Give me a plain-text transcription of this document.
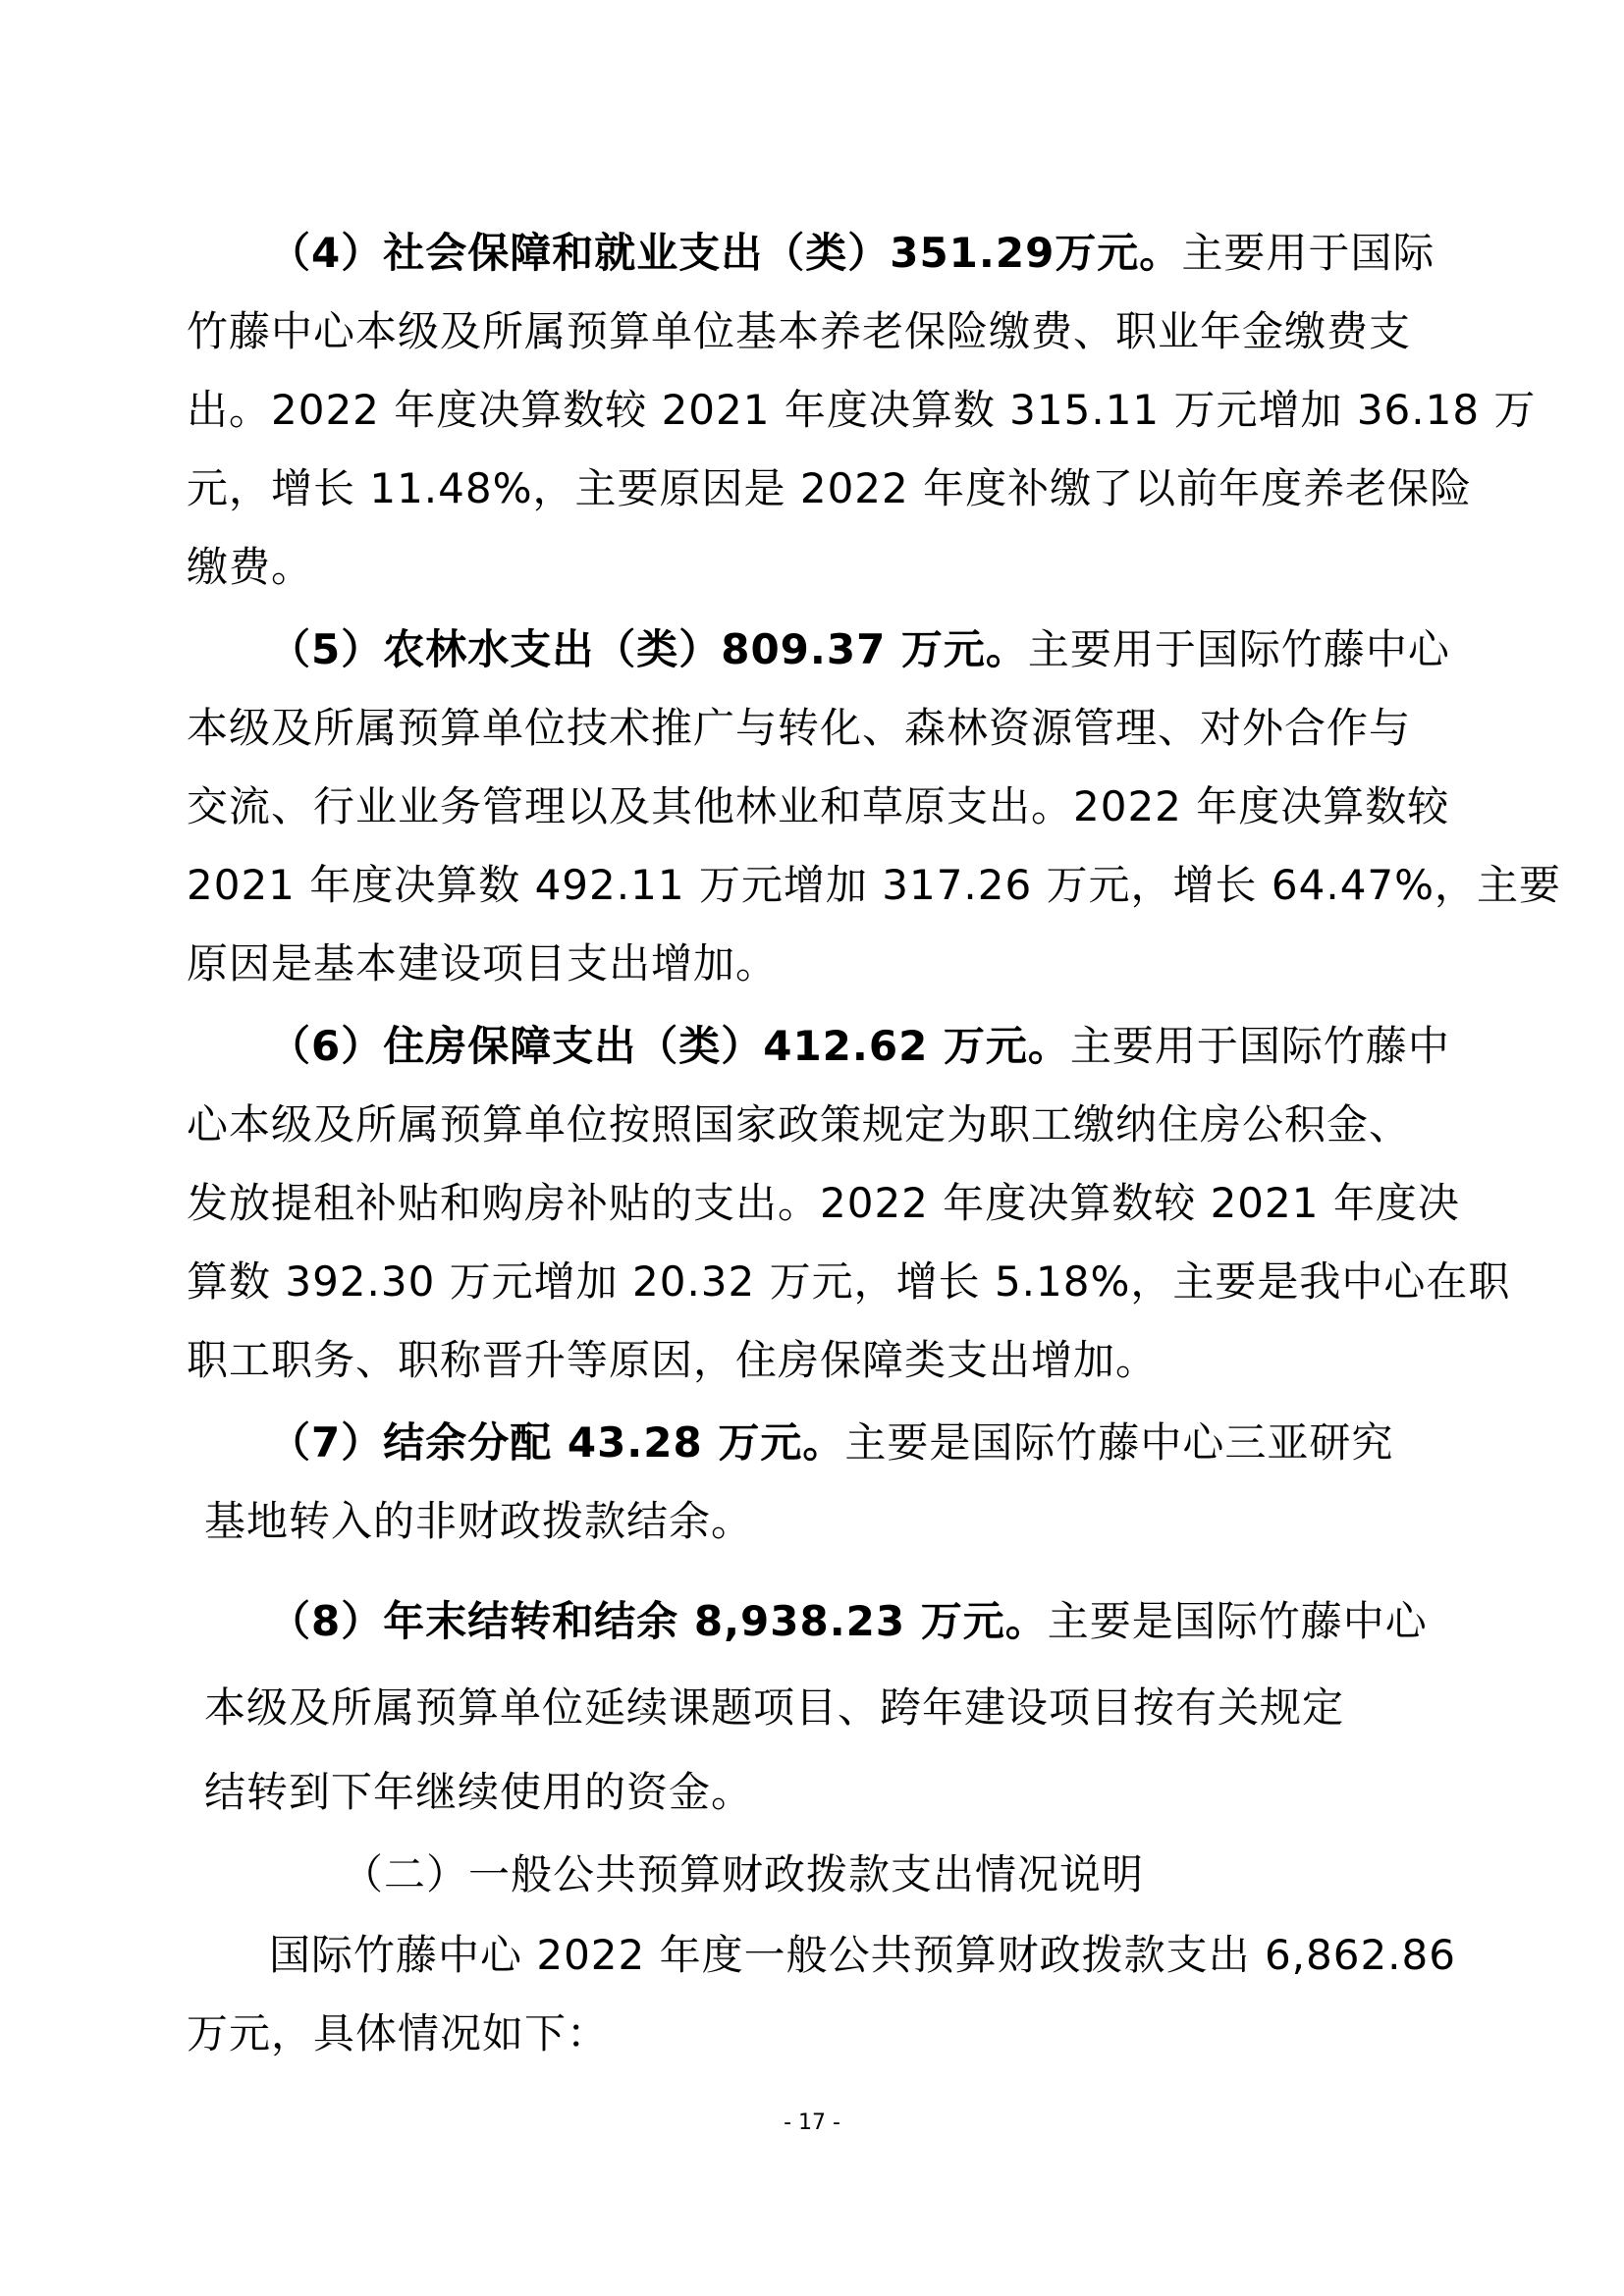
（4）社会保障和就业支出（类）351.29万元。主要用于国际
竹藤中心本级及所属预算单位基本养老保险缴费、职业年金缴费支
出。2022 年度决算数较 2021 年度决算数 315.11 万元增加 36.18 万
元，增长 11.48%，主要原因是 2022 年度补缴了以前年度养老保险
缴费。
（5）农林水支出（类）809.37 万元。主要用于国际竹藤中心
本级及所属预算单位技术推广与转化、森林资源管理、对外合作与
交流、行业业务管理以及其他林业和草原支出。2022 年度决算数较
2021 年度决算数 492.11 万元增加 317.26 万元，增长 64.47%，主要
原因是基本建设项目支出增加。
（6）住房保障支出（类）412.62 万元。主要用于国际竹藤中
心本级及所属预算单位按照国家政策规定为职工缴纳住房公积金、
发放提租补贴和购房补贴的支出。2022 年度决算数较 2021 年度决
算数 392.30 万元增加 20.32 万元，增长 5.18%，主要是我中心在职
职工职务、职称晋升等原因，住房保障类支出增加。
（7）结余分配 43.28 万元。主要是国际竹藤中心三亚研究
基地转入的非财政拨款结余。
（8）年末结转和结余 8,938.23 万元。主要是国际竹藤中心
本级及所属预算单位延续课题项目、跨年建设项目按有关规定
结转到下年继续使用的资金。
（二）一般公共预算财政拨款支出情况说明
国际竹藤中心 2022 年度一般公共预算财政拨款支出 6,862.86
万元，具体情况如下：
- 17 -
